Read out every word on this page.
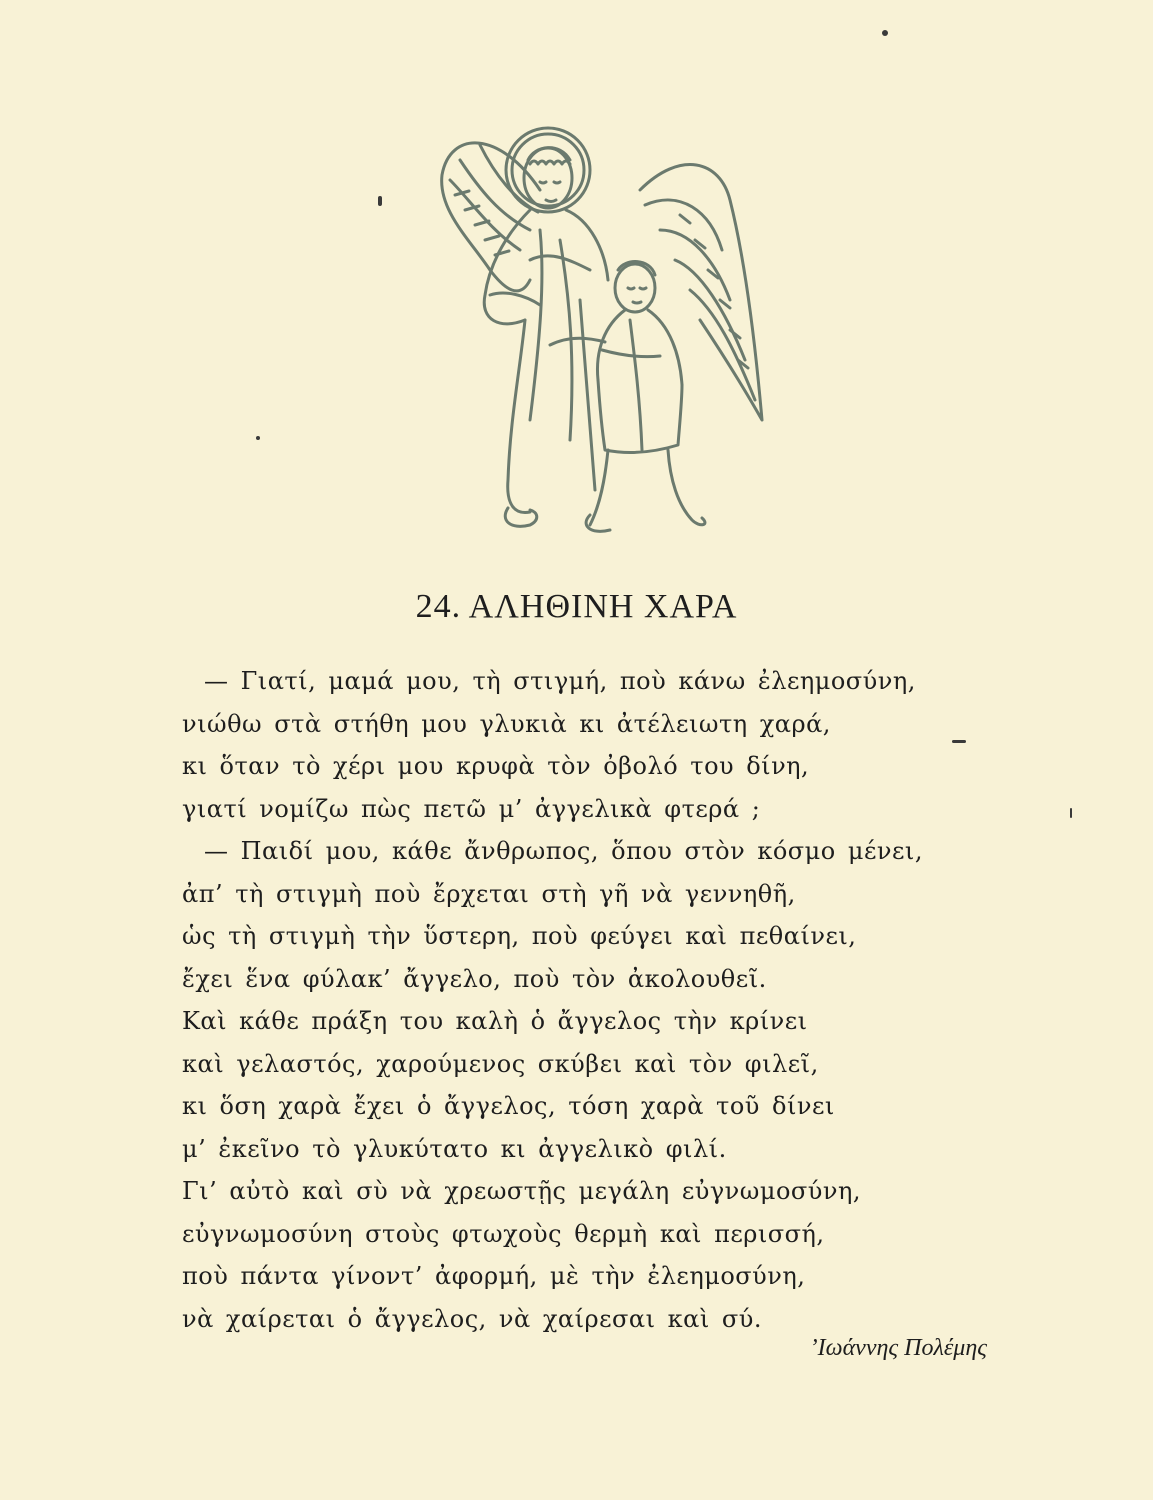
24. ΑΛΗΘΙΝΗ ΧΑΡΑ
— Γιατί, μαμά μου, τὴ στιγμή, ποὺ κάνω ἐλεημοσύνη,
νιώθω στὰ στήθη μου γλυκιὰ κι ἀτέλειωτη χαρά,
κι ὅταν τὸ χέρι μου κρυφὰ τὸν ὀβολό του δίνη,
γιατί νομίζω πὼς πετῶ μ’ ἀγγελικὰ φτερά ;
— Παιδί μου, κάθε ἄνθρωπος, ὅπου στὸν κόσμο μένει,
ἀπ’ τὴ στιγμὴ ποὺ ἔρχεται στὴ γῆ νὰ γεννηθῆ,
ὡς τὴ στιγμὴ τὴν ὕστερη, ποὺ φεύγει καὶ πεθαίνει,
ἔχει ἕνα φύλακ’ ἄγγελο, ποὺ τὸν ἀκολουθεῖ.
Καὶ κάθε πράξη του καλὴ ὁ ἄγγελος τὴν κρίνει
καὶ γελαστός, χαρούμενος σκύβει καὶ τὸν φιλεῖ,
κι ὅση χαρὰ ἔχει ὁ ἄγγελος, τόση χαρὰ τοῦ δίνει
μ’ ἐκεῖνο τὸ γλυκύτατο κι ἀγγελικὸ φιλί.
Γι’ αὐτὸ καὶ σὺ νὰ χρεωστῇς μεγάλη εὐγνωμοσύνη,
εὐγνωμοσύνη στοὺς φτωχοὺς θερμὴ καὶ περισσή,
ποὺ πάντα γίνοντ’ ἀφορμή, μὲ τὴν ἐλεημοσύνη,
νὰ χαίρεται ὁ ἄγγελος, νὰ χαίρεσαι καὶ σύ.
’Ιωάννης Πολέμης
